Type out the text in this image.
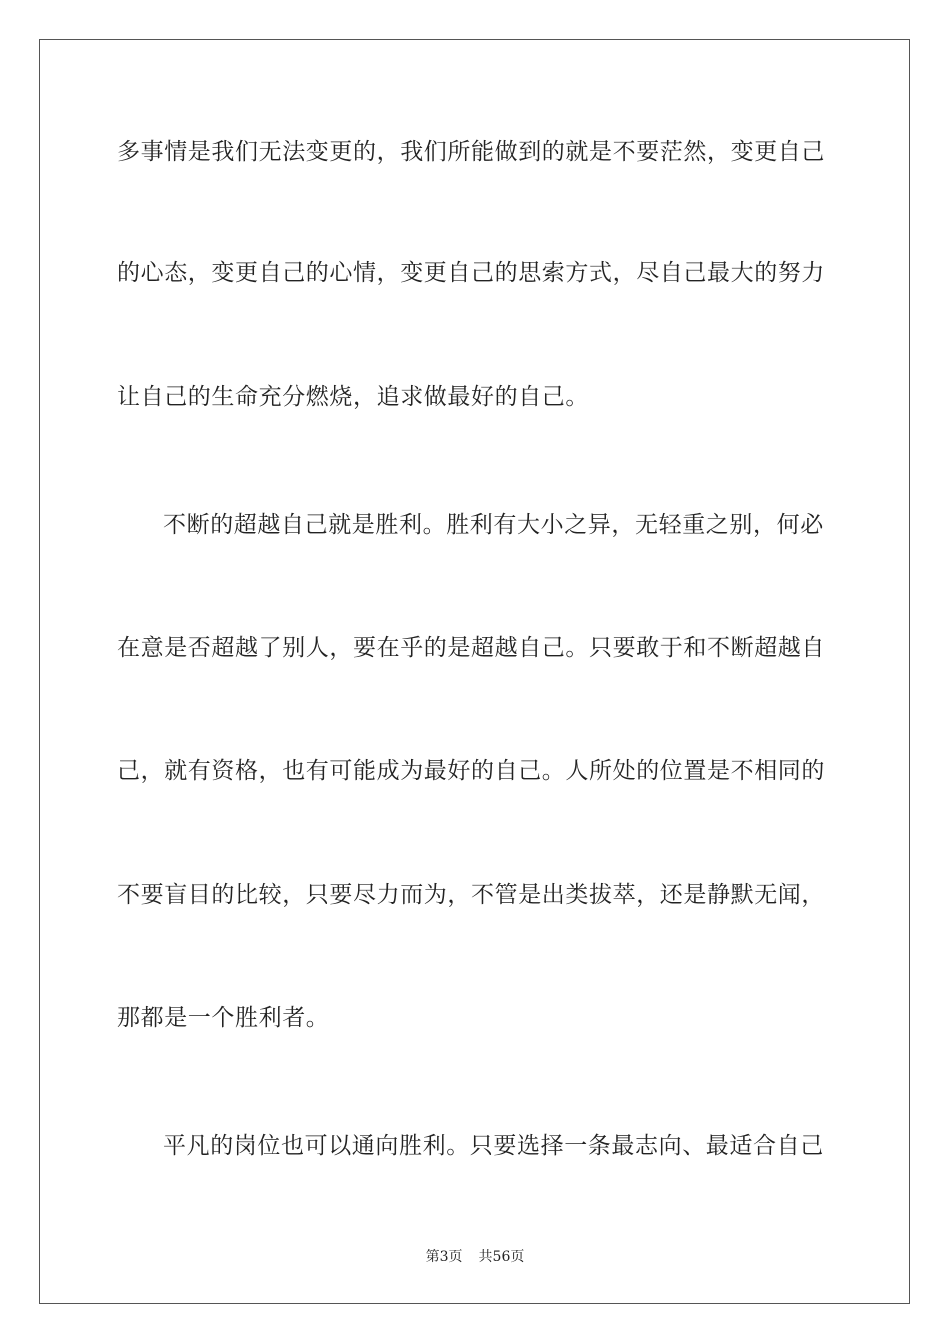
多事情是我们无法变更的，我们所能做到的就是不要茫然，变更自己
的心态，变更自己的心情，变更自己的思索方式，尽自己最大的努力
让自己的生命充分燃烧，追求做最好的自己。
不断的超越自己就是胜利。胜利有大小之异，无轻重之别，何必
在意是否超越了别人，要在乎的是超越自己。只要敢于和不断超越自
己，就有资格，也有可能成为最好的自己。人所处的位置是不相同的
不要盲目的比较，只要尽力而为，不管是出类拔萃，还是静默无闻，
那都是一个胜利者。
平凡的岗位也可以通向胜利。只要选择一条最志向、最适合自己
第3页 共56页
